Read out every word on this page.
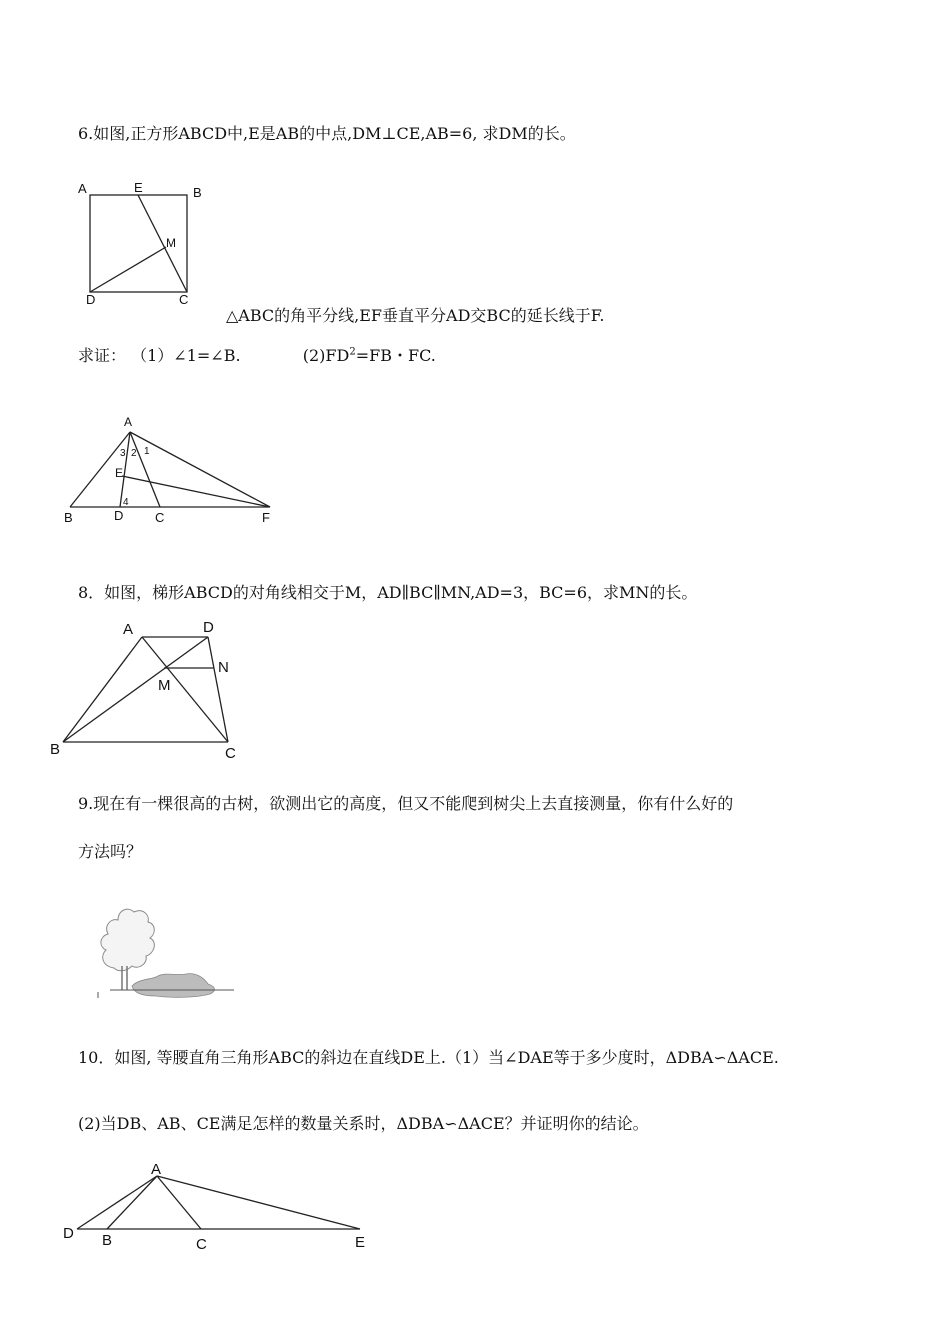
6.如图,正方形ABCD中,E是AB的中点,DM⊥CE,AB=6, 求DM的长。
A	E	B
M
D	C
△ABC的角平分线,EF垂直平分AD交BC的延长线于F.
求证： （1）∠1=∠B.	$(2)FD^2=FB$・FC.
A
B	D C	F
E
1
2
3
4
8．如图，梯形ABCD的对角线相交于M，AD∥BC∥MN,AD=3，BC=6，求MN的长。
A	D
N
M
B	C
9.现在有一棵很高的古树，欲测出它的高度，但又不能爬到树尖上去直接测量，你有什么好的
方法吗？
10．如图, 等腰直角三角形ABC的斜边在直线DE上.（1）当∠DAE等于多少度时，ΔDBA∽ΔACE.
(2)当DB、AB、CE满足怎样的数量关系时，ΔDBA∽ΔACE？并证明你的结论。
A
D B	C	E
